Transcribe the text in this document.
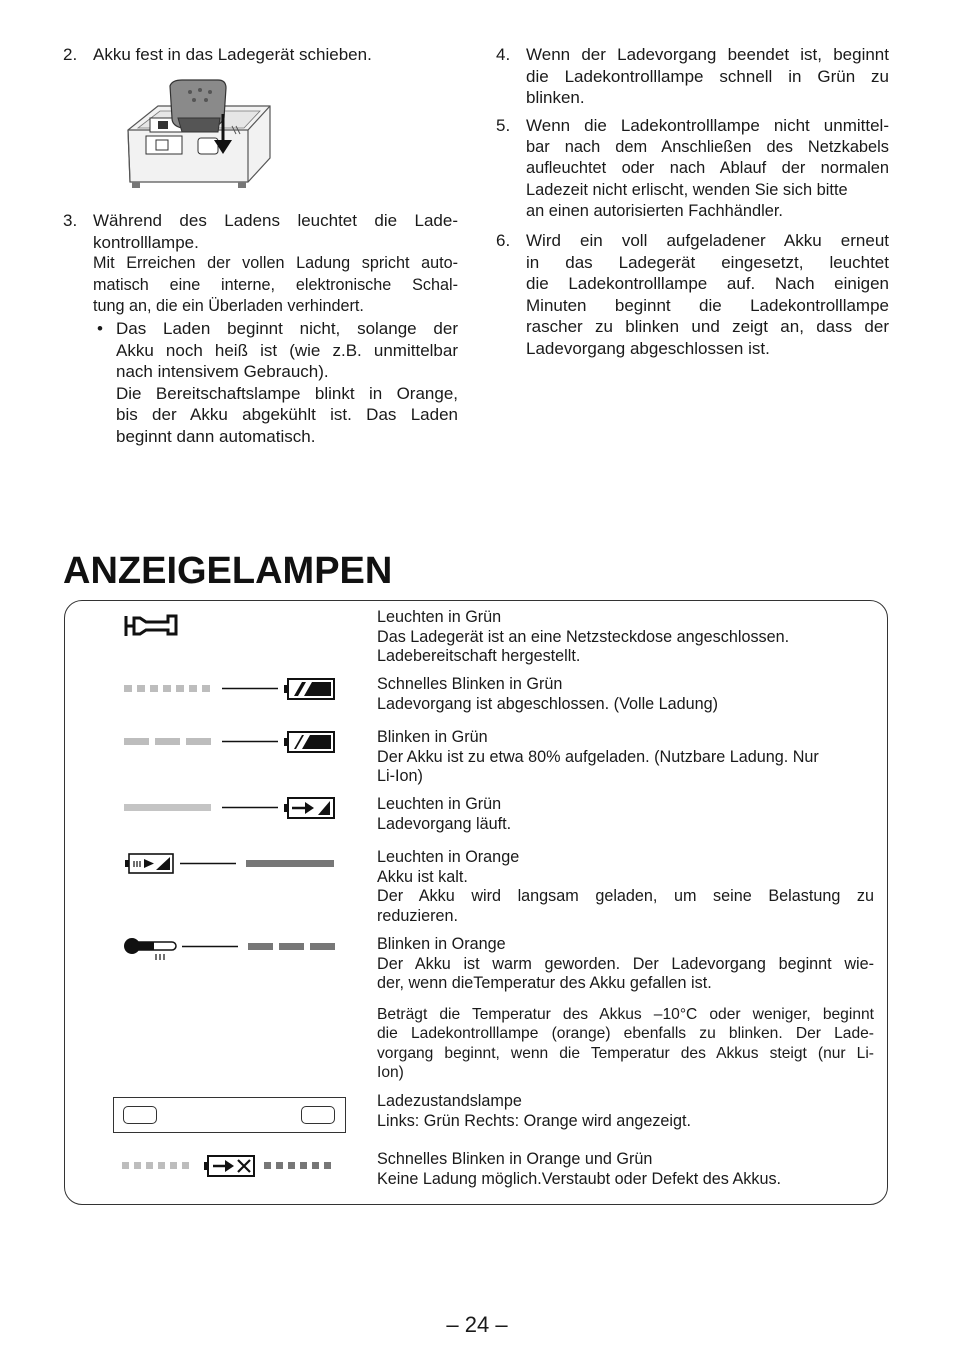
2. Akku fest in das Ladegerät schieben.
3. Während des Ladens leuchtet die Lade-
kontrolllampe.
Mit Erreichen der vollen Ladung spricht auto-
matisch eine interne, elektronische Schal-
tung an, die ein Überladen verhindert.
• Das Laden beginnt nicht, solange der
Akku noch heiß ist (wie z.B. unmittelbar
nach intensivem Gebrauch).
Die Bereitschaftslampe blinkt in Orange,
bis der Akku abgekühlt ist. Das Laden
beginnt dann automatisch.
4. Wenn der Ladevorgang beendet ist, beginnt
die Ladekontrolllampe schnell in Grün zu
blinken.
5. Wenn die Ladekontrolllampe nicht unmittel-
bar nach dem Anschließen des Netzkabels
aufleuchtet oder nach Ablauf der normalen
Ladezeit nicht erlischt, wenden Sie sich bitte
an einen autorisierten Fachhändler.
6. Wird ein voll aufgeladener Akku erneut
in das Ladegerät eingesetzt, leuchtet
die Ladekontrolllampe auf. Nach einigen
Minuten beginnt die Ladekontrolllampe
rascher zu blinken und zeigt an, dass der
Ladevorgang abgeschlossen ist.
ANZEIGELAMPEN
Leuchten in Grün
Das Ladegerät ist an eine Netzsteckdose angeschlossen.
Ladebereitschaft hergestellt.
Schnelles Blinken in Grün
Ladevorgang ist abgeschlossen. (Volle Ladung)
Blinken in Grün
Der Akku ist zu etwa 80% aufgeladen. (Nutzbare Ladung. Nur
Li-Ion)
Leuchten in Grün
Ladevorgang läuft.
Leuchten in Orange
Akku ist kalt.
Der Akku wird langsam geladen, um seine Belastung zu
reduzieren.
Blinken in Orange
Der Akku ist warm geworden. Der Ladevorgang beginnt wie-
der, wenn dieTemperatur des Akku gefallen ist.
Beträgt die Temperatur des Akkus –10°C oder weniger, beginnt
die Ladekontrolllampe (orange) ebenfalls zu blinken. Der Lade-
vorgang beginnt, wenn die Temperatur des Akkus steigt (nur Li-
Ion)
Ladezustandslampe
Links: Grün Rechts: Orange wird angezeigt.
Schnelles Blinken in Orange und Grün
Keine Ladung möglich.Verstaubt oder Defekt des Akkus.
– 24 –
